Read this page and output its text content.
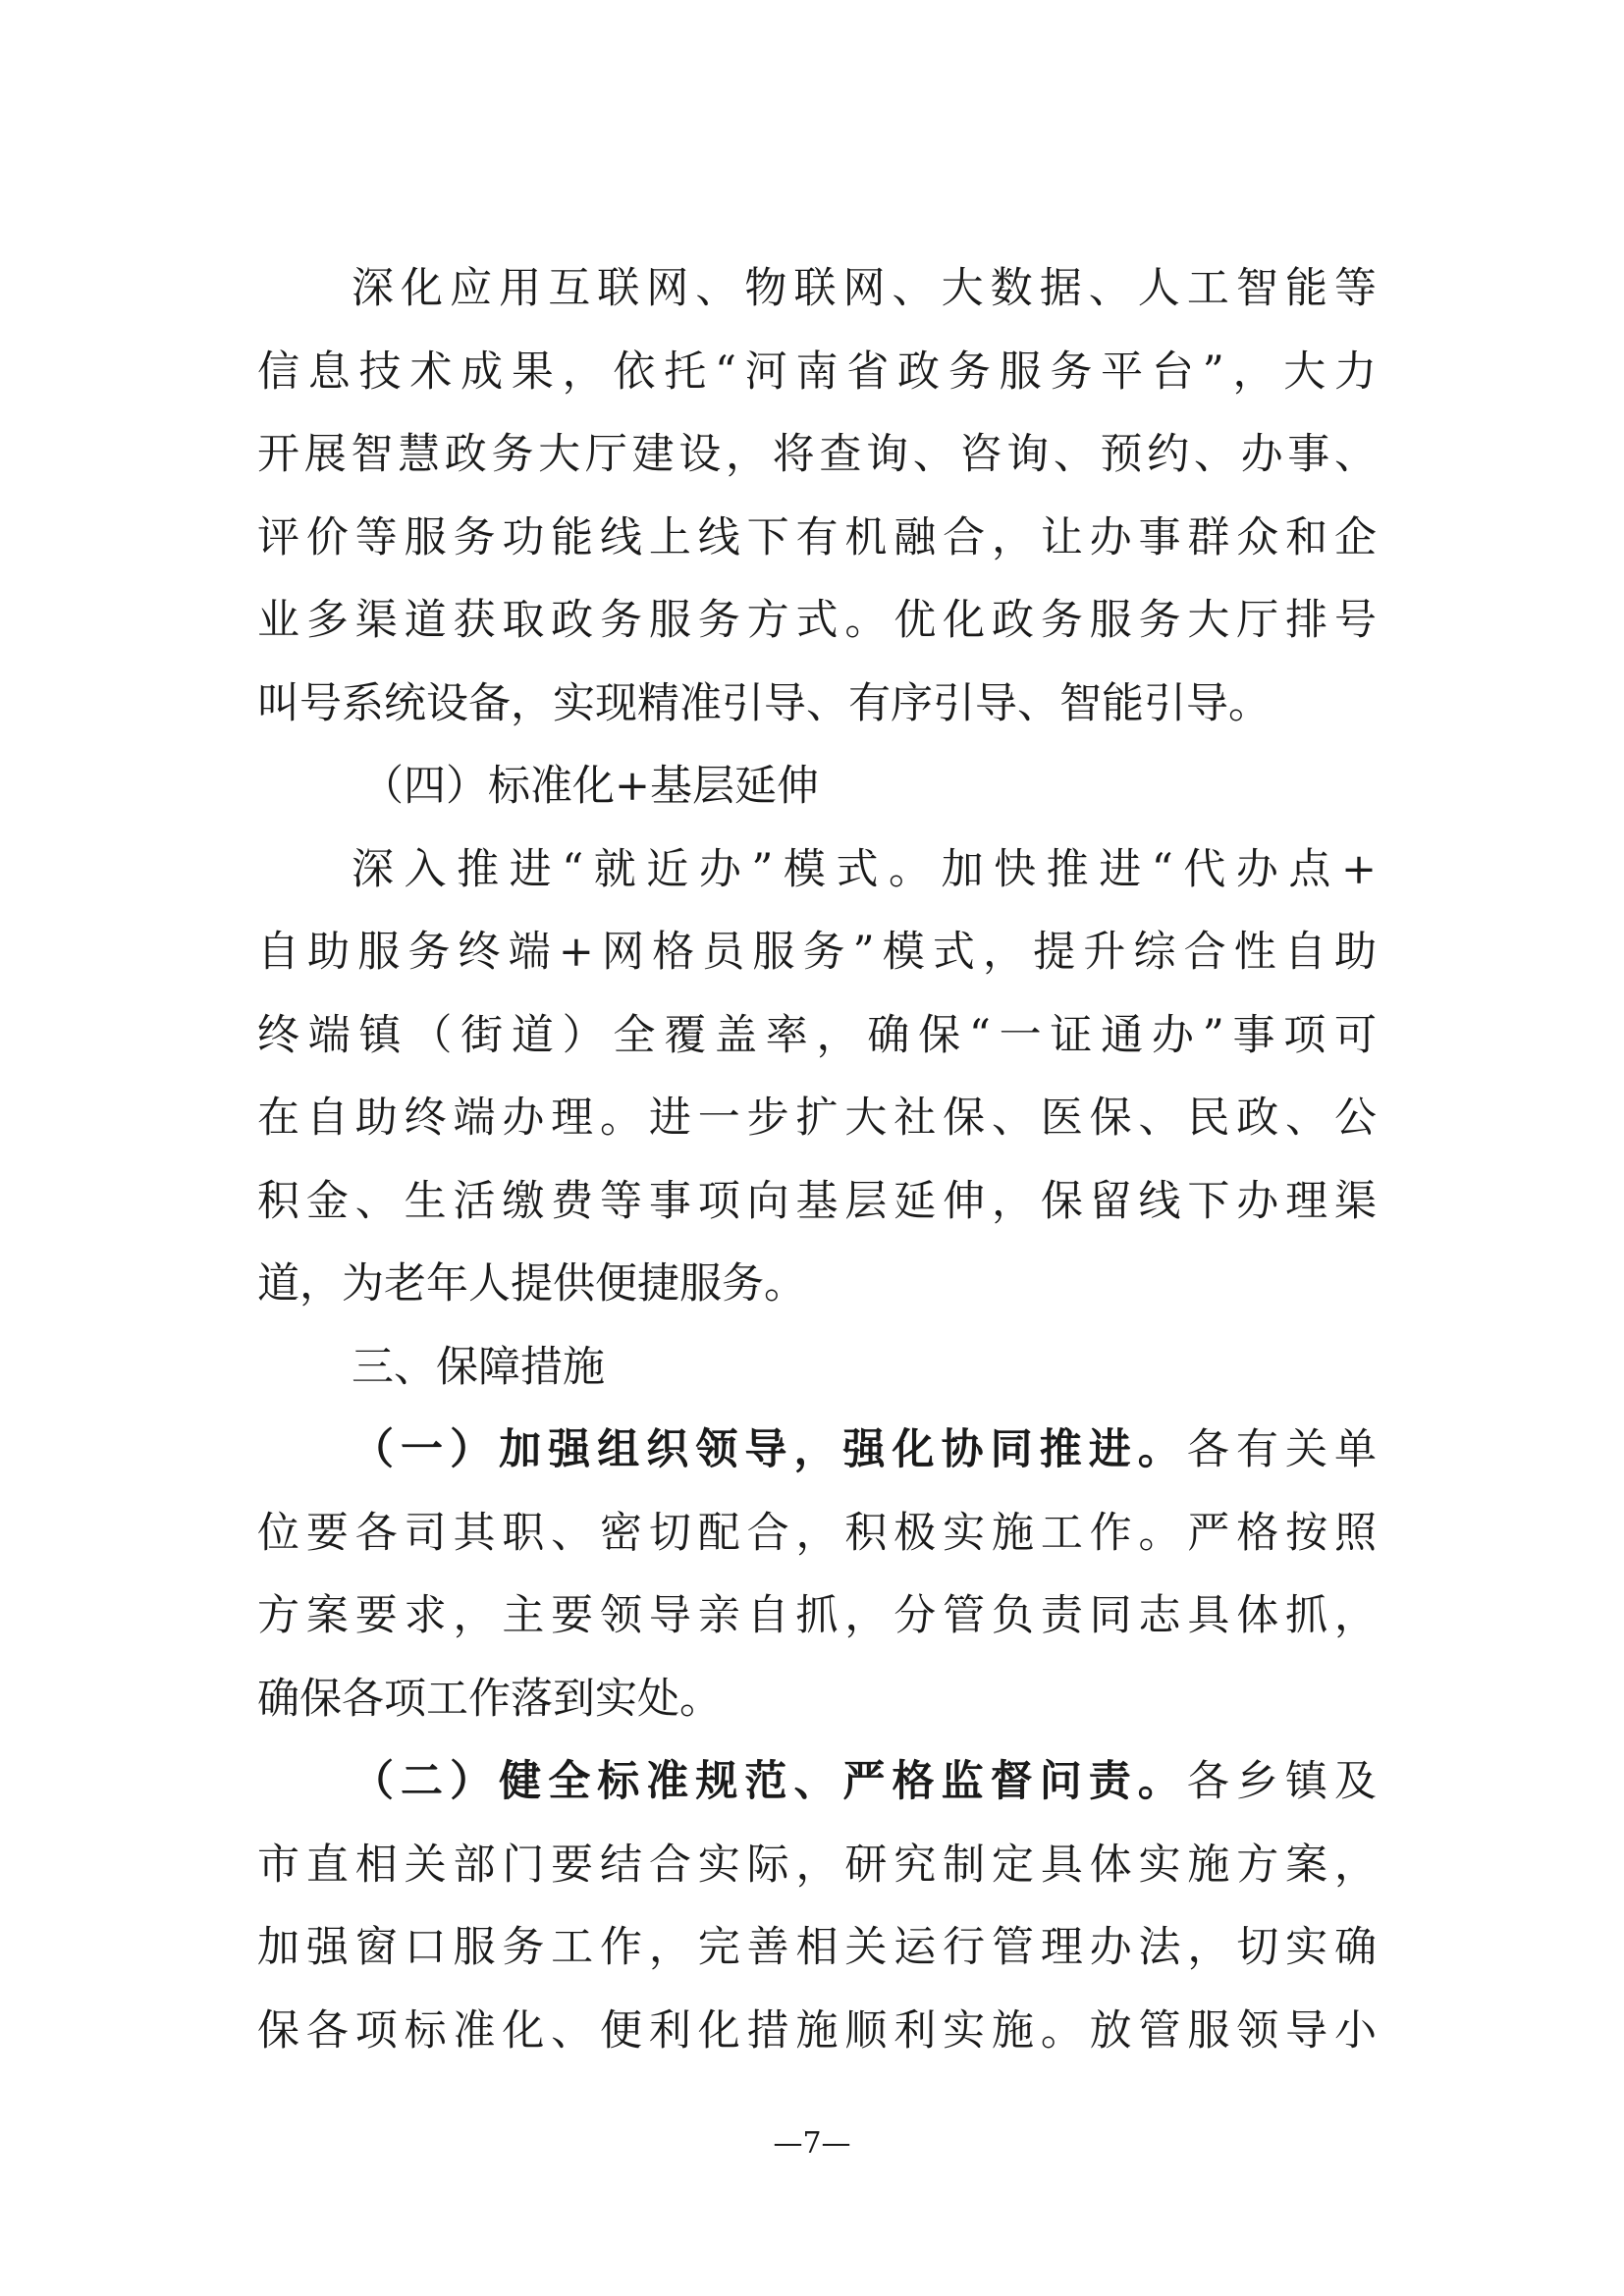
深化应用互联网、物联网、大数据、人工智能等
信息技术成果，依托“河南省政务服务平台”，大力
开展智慧政务大厅建设，将查询、咨询、预约、办事、
评价等服务功能线上线下有机融合，让办事群众和企
业多渠道获取政务服务方式。优化政务服务大厅排号
叫号系统设备，实现精准引导、有序引导、智能引导。
（四）标准化+基层延伸
深入推进“就近办”模式。加快推进“代办点+
自助服务终端+网格员服务”模式，提升综合性自助
终端镇（街道）全覆盖率，确保“一证通办”事项可
在自助终端办理。进一步扩大社保、医保、民政、公
积金、生活缴费等事项向基层延伸，保留线下办理渠
道，为老年人提供便捷服务。
三、保障措施
（一）加强组织领导，强化协同推进。各有关单
位要各司其职、密切配合，积极实施工作。严格按照
方案要求，主要领导亲自抓，分管负责同志具体抓，
确保各项工作落到实处。
（二）健全标准规范、严格监督问责。各乡镇及
市直相关部门要结合实际，研究制定具体实施方案，
加强窗口服务工作，完善相关运行管理办法，切实确
保各项标准化、便利化措施顺利实施。放管服领导小
—7—
